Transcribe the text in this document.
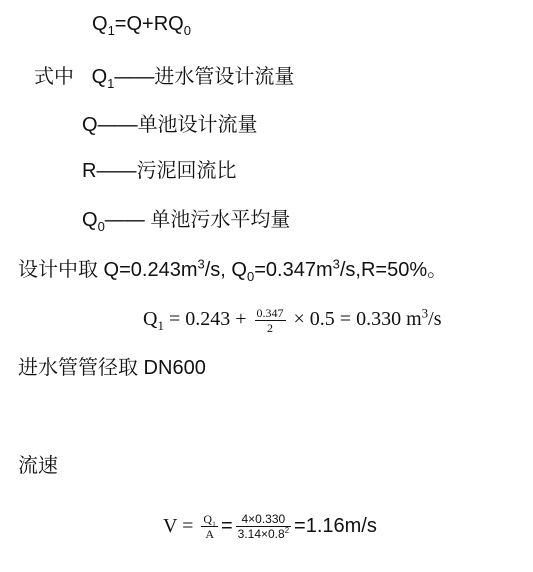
$Q_1=Q+RQ_0$
式中 $Q_1——$进水管设计流量
Q——单池设计流量
R——污泥回流比
$Q_0——$ 单池污水平均量
设计中取 $Q=0.243m^3/s$, $Q_0=0.347m^3/s,R=50\%$。
$Q_1 = 0.243 + \frac{0.347}{2} \times 0.5 = 0.330$ $m^3/s$
进水管管径取 DN600
流速
$V = \frac{Q_1}{A} = \frac{4\times 0.330}{3.14\times 0.8^2} =1.16m/s$
